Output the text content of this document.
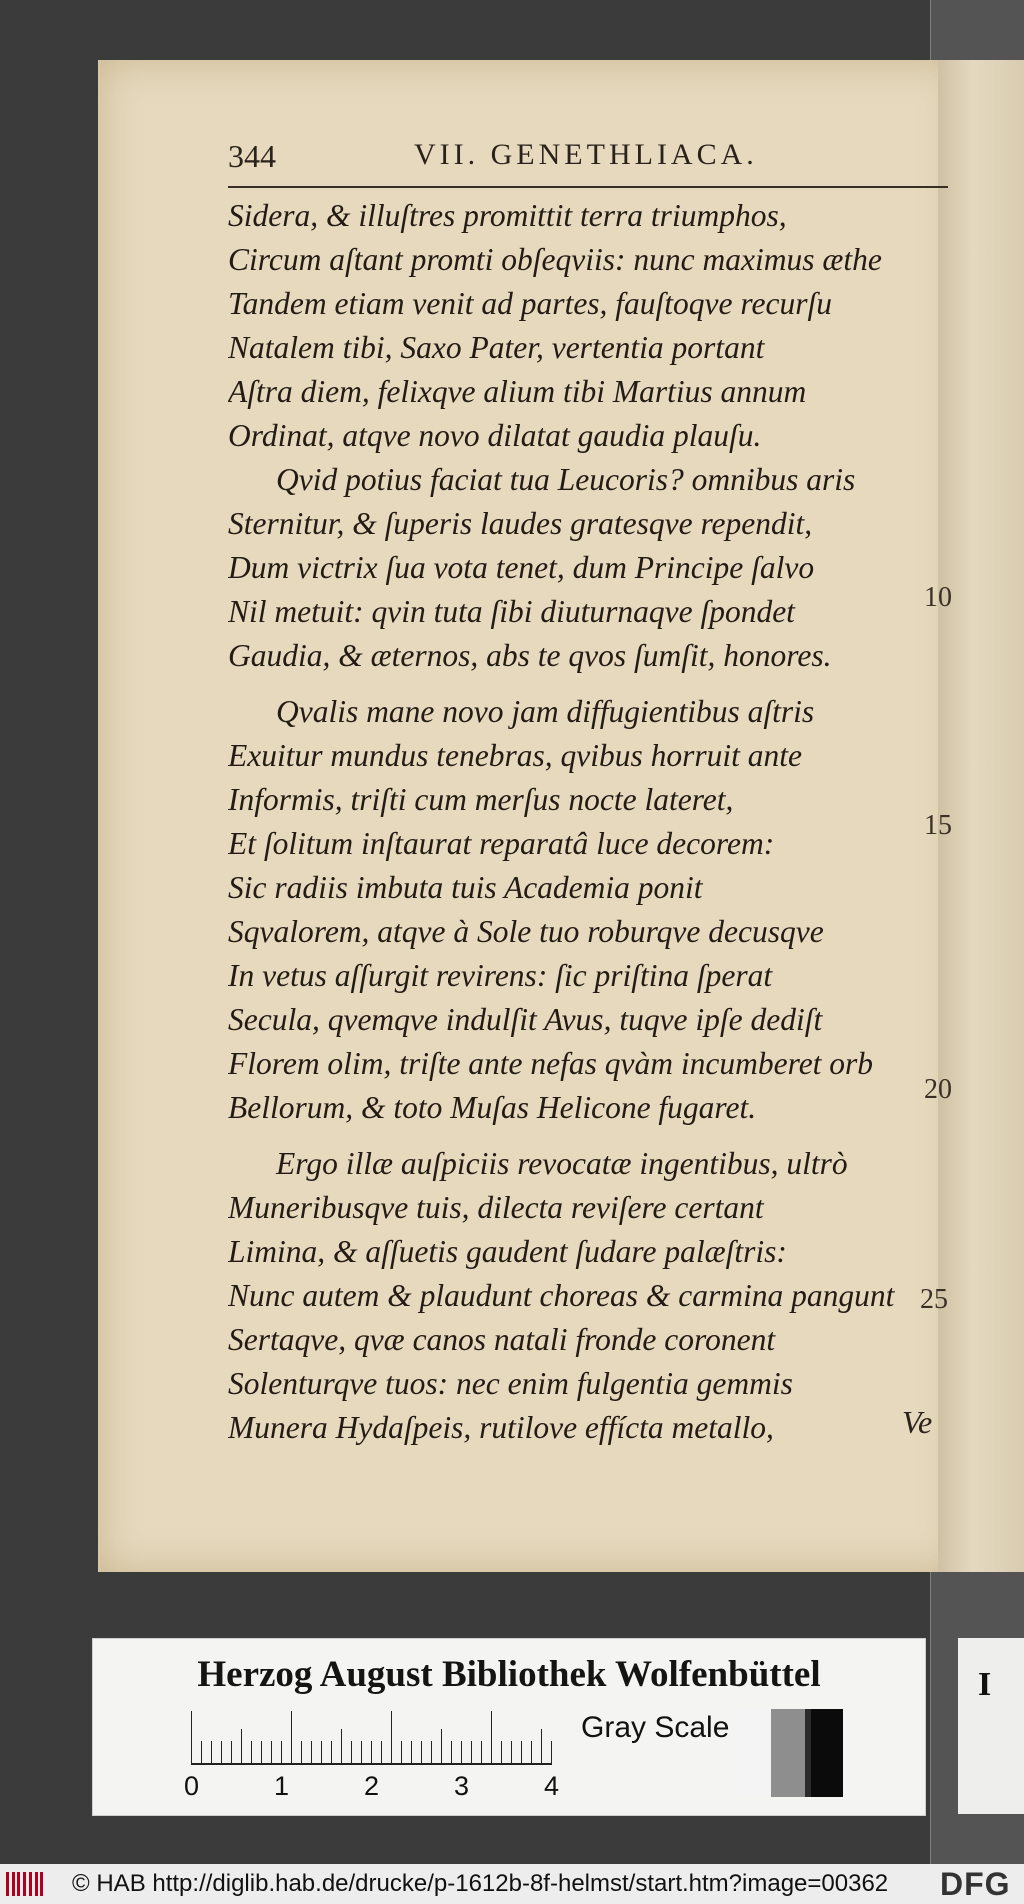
344	VII. GENETHLIACA.
Sidera, & illuſtres promittit terra triumphos,
Circum aſtant promti obſeqviis: nunc maximus æthe
Tandem etiam venit ad partes, fauſtoqve recurſu
Natalem tibi, Saxo Pater, vertentia portant
Aſtra diem, felixqve alium tibi Martius annum
Ordinat, atqve novo dilatat gaudia plauſu.
Qvid potius faciat tua Leucoris? omnibus aris
Sternitur, & ſuperis laudes gratesqve rependit,
Dum victrix ſua vota tenet, dum Principe ſalvo
Nil metuit: qvin tuta ſibi diuturnaqve ſpondet
Gaudia, & æternos, abs te qvos ſumſit, honores.
Qvalis mane novo jam diffugientibus aſtris
Exuitur mundus tenebras, qvibus horruit ante
Informis, triſti cum merſus nocte lateret,
Et ſolitum inſtaurat reparatâ luce decorem:
Sic radiis imbuta tuis Academia ponit
Sqvalorem, atqve à Sole tuo roburqve decusqve
In vetus aſſurgit revirens: ſic priſtina ſperat
Secula, qvemqve indulſit Avus, tuqve ipſe dediſt
Florem olim, triſte ante nefas qvàm incumberet orb
Bellorum, & toto Muſas Helicone fugaret.
Ergo illæ auſpiciis revocatæ ingentibus, ultrò
Muneribusqve tuis, dilecta reviſere certant
Limina, & aſſuetis gaudent ſudare palæſtris:
Nunc autem & plaudunt choreas & carmina pangunt
Sertaqve, qvæ canos natali fronde coronent
Solenturqve tuos: nec enim fulgentia gemmis
Munera Hydaſpeis, rutilove effícta metallo,
10
15
20
25
Ve
Herzog August Bibliothek Wolfenbüttel
0	1	2	3	4
Gray Scale
I
© HAB http://diglib.hab.de/drucke/p-1612b-8f-helmst/start.htm?image=00362 DFG
